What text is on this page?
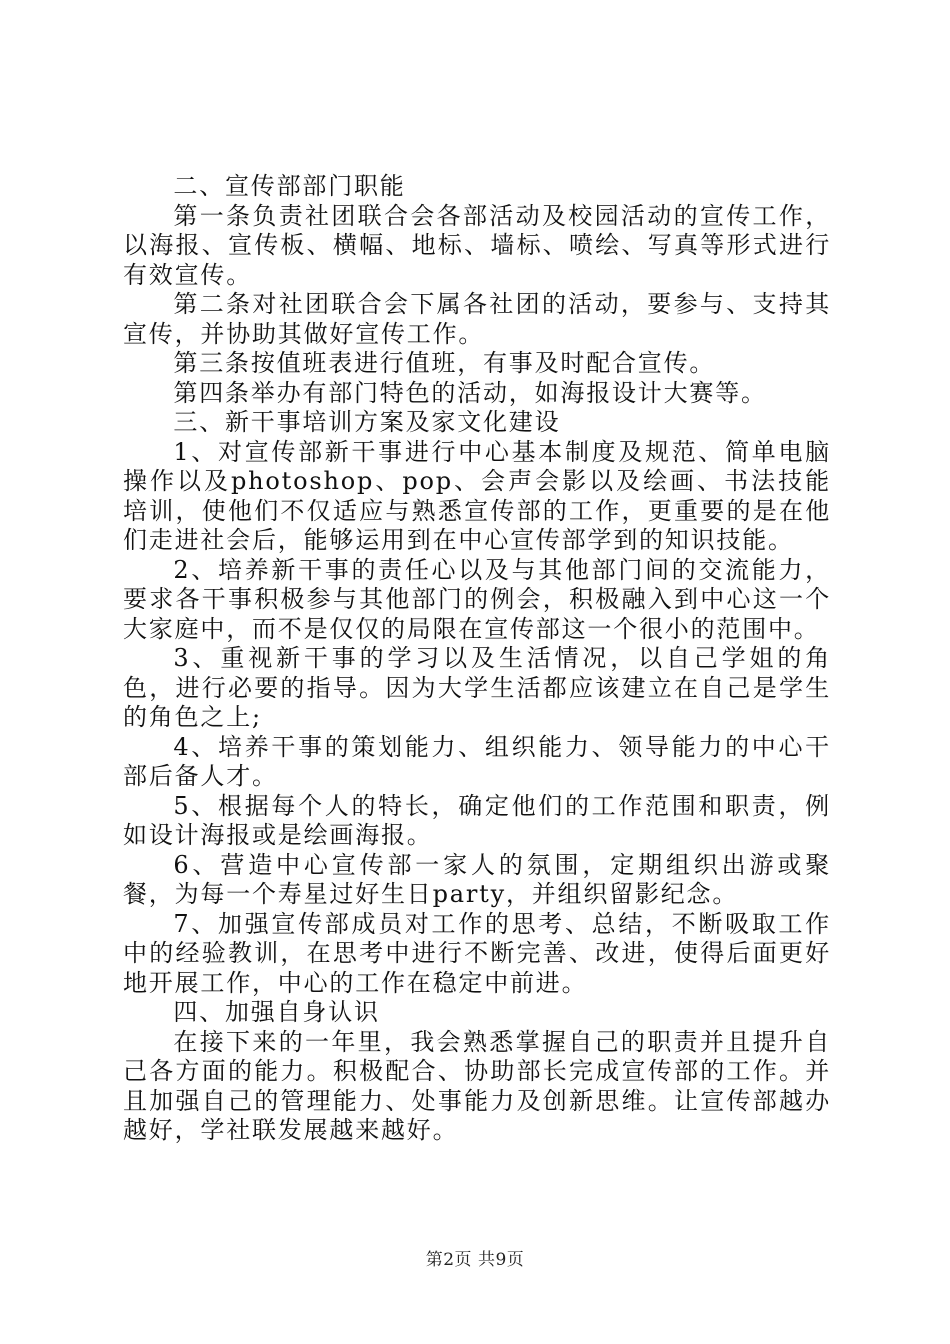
二、宣传部部门职能

第一条负责社团联合会各部活动及校园活动的宣传工作，以海报、宣传板、横幅、地标、墙标、喷绘、写真等形式进行有效宣传。

第二条对社团联合会下属各社团的活动，要参与、支持其宣传，并协助其做好宣传工作。

第三条按值班表进行值班，有事及时配合宣传。

第四条举办有部门特色的活动，如海报设计大赛等。

三、新干事培训方案及家文化建设

1、对宣传部新干事进行中心基本制度及规范、简单电脑操作以及photoshop、pop、会声会影以及绘画、书法技能培训，使他们不仅适应与熟悉宣传部的工作，更重要的是在他们走进社会后，能够运用到在中心宣传部学到的知识技能。

2、培养新干事的责任心以及与其他部门间的交流能力，要求各干事积极参与其他部门的例会，积极融入到中心这一个大家庭中，而不是仅仅的局限在宣传部这一个很小的范围中。

3、重视新干事的学习以及生活情况，以自己学姐的角色，进行必要的指导。因为大学生活都应该建立在自己是学生的角色之上;

4、培养干事的策划能力、组织能力、领导能力的中心干部后备人才。

5、根据每个人的特长，确定他们的工作范围和职责，例如设计海报或是绘画海报。

6、营造中心宣传部一家人的氛围，定期组织出游或聚餐，为每一个寿星过好生日party，并组织留影纪念。

7、加强宣传部成员对工作的思考、总结，不断吸取工作中的经验教训，在思考中进行不断完善、改进，使得后面更好地开展工作，中心的工作在稳定中前进。

四、加强自身认识

在接下来的一年里，我会熟悉掌握自己的职责并且提升自己各方面的能力。积极配合、协助部长完成宣传部的工作。并且加强自己的管理能力、处事能力及创新思维。让宣传部越办越好，学社联发展越来越好。

第2页 共9页
